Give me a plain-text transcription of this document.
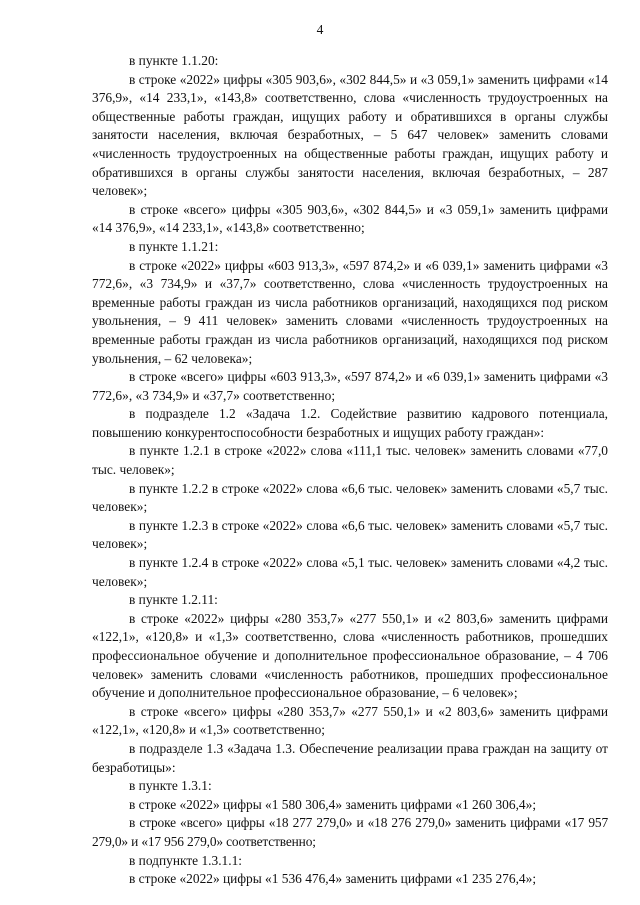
4

в пункте 1.1.20:

в строке «2022» цифры «305 903,6», «302 844,5» и «3 059,1» заменить цифрами «14 376,9», «14 233,1», «143,8» соответственно, слова «численность трудоустроенных на общественные работы граждан, ищущих работу и обратившихся в органы службы занятости населения, включая безработных, – 5 647 человек» заменить словами «численность трудоустроенных на общественные работы граждан, ищущих работу и обратившихся в органы службы занятости населения, включая безработных, – 287 человек»;

в строке «всего» цифры «305 903,6», «302 844,5» и «3 059,1» заменить цифрами «14 376,9», «14 233,1», «143,8» соответственно;

в пункте 1.1.21:

в строке «2022» цифры «603 913,3», «597 874,2» и «6 039,1» заменить цифрами «3 772,6», «3 734,9» и «37,7» соответственно, слова «численность трудоустроенных на временные работы граждан из числа работников организаций, находящихся под риском увольнения, – 9 411 человек» заменить словами «численность трудоустроенных на временные работы граждан из числа работников организаций, находящихся под риском увольнения, – 62 человека»;

в строке «всего» цифры «603 913,3», «597 874,2» и «6 039,1» заменить цифрами «3 772,6», «3 734,9» и «37,7» соответственно;

в подразделе 1.2 «Задача 1.2. Содействие развитию кадрового потенциала, повышению конкурентоспособности безработных и ищущих работу граждан»:

в пункте 1.2.1 в строке «2022» слова «111,1 тыс. человек» заменить словами «77,0 тыс. человек»;

в пункте 1.2.2 в строке «2022» слова «6,6 тыс. человек» заменить словами «5,7 тыс. человек»;

в пункте 1.2.3 в строке «2022» слова «6,6 тыс. человек» заменить словами «5,7 тыс. человек»;

в пункте 1.2.4 в строке «2022» слова «5,1 тыс. человек» заменить словами «4,2 тыс. человек»;

в пункте 1.2.11:

в строке «2022» цифры «280 353,7» «277 550,1» и «2 803,6» заменить цифрами «122,1», «120,8» и «1,3» соответственно, слова «численность работников, прошедших профессиональное обучение и дополнительное профессиональное образование, – 4 706 человек» заменить словами «численность работников, прошедших профессиональное обучение и дополнительное профессиональное образование, – 6 человек»;

в строке «всего» цифры «280 353,7» «277 550,1» и «2 803,6» заменить цифрами «122,1», «120,8» и «1,3» соответственно;

в подразделе 1.3 «Задача 1.3. Обеспечение реализации права граждан на защиту от безработицы»:

в пункте 1.3.1:

в строке «2022» цифры «1 580 306,4» заменить цифрами «1 260 306,4»;

в строке «всего» цифры «18 277 279,0» и «18 276 279,0» заменить цифрами «17 957 279,0» и «17 956 279,0» соответственно;

в подпункте 1.3.1.1:

в строке «2022» цифры «1 536 476,4» заменить цифрами «1 235 276,4»;
